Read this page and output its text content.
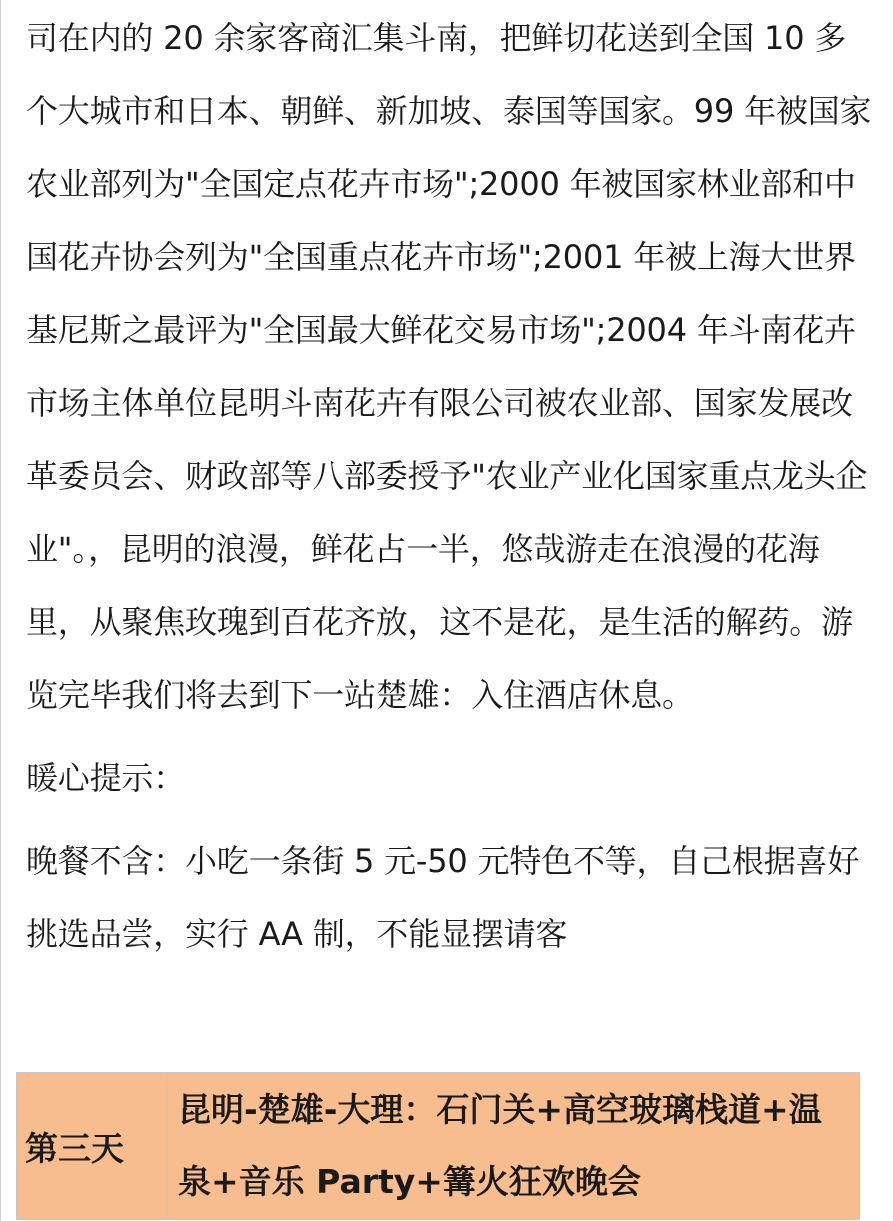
司在内的 20 余家客商汇集斗南，把鲜切花送到全国 10 多个大城市和日本、朝鲜、新加坡、泰国等国家。99 年被国家农业部列为"全国定点花卉市场";2000 年被国家林业部和中国花卉协会列为"全国重点花卉市场";2001 年被上海大世界基尼斯之最评为"全国最大鲜花交易市场";2004 年斗南花卉市场主体单位昆明斗南花卉有限公司被农业部、国家发展改革委员会、财政部等八部委授予"农业产业化国家重点龙头企业"。，昆明的浪漫，鲜花占一半，悠哉游走在浪漫的花海里，从聚焦玫瑰到百花齐放，这不是花，是生活的解药。游览完毕我们将去到下一站楚雄：入住酒店休息。

暖心提示：

晚餐不含：小吃一条街 5 元-50 元特色不等，自己根据喜好挑选品尝，实行 AA 制，不能显摆请客

第三天	昆明-楚雄-大理：石门关+高空玻璃栈道+温泉+音乐 Party+篝火狂欢晚会
